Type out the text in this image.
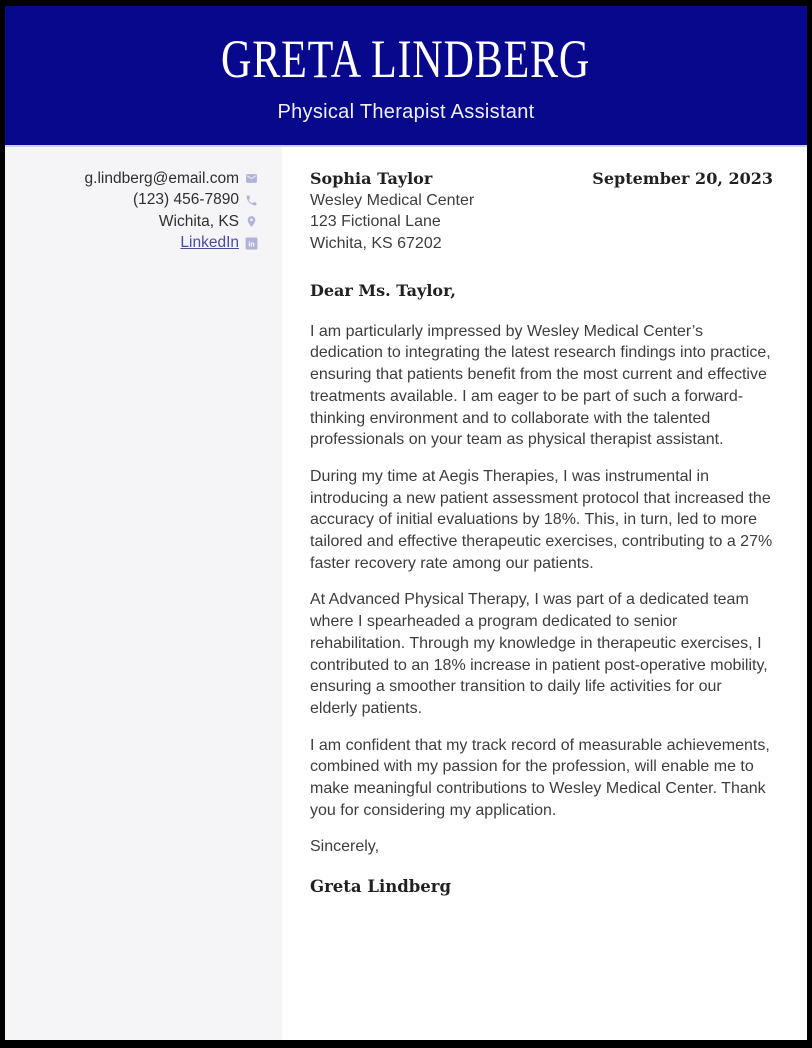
GRETA LINDBERG
Physical Therapist Assistant
g.lindberg@email.com
(123) 456-7890
Wichita, KS
LinkedIn in
Sophia Taylor
Wesley Medical Center
123 Fictional Lane
Wichita, KS 67202
September 20, 2023

Dear Ms. Taylor,

I am particularly impressed by Wesley Medical Center’s dedication to integrating the latest research findings into practice, ensuring that patients benefit from the most current and effective treatments available. I am eager to be part of such a forward-thinking environment and to collaborate with the talented professionals on your team as physical therapist assistant.

During my time at Aegis Therapies, I was instrumental in introducing a new patient assessment protocol that increased the accuracy of initial evaluations by 18%. This, in turn, led to more tailored and effective therapeutic exercises, contributing to a 27% faster recovery rate among our patients.

At Advanced Physical Therapy, I was part of a dedicated team where I spearheaded a program dedicated to senior rehabilitation. Through my knowledge in therapeutic exercises, I contributed to an 18% increase in patient post-operative mobility, ensuring a smoother transition to daily life activities for our elderly patients.

I am confident that my track record of measurable achievements, combined with my passion for the profession, will enable me to make meaningful contributions to Wesley Medical Center. Thank you for considering my application.

Sincerely,

Greta Lindberg
